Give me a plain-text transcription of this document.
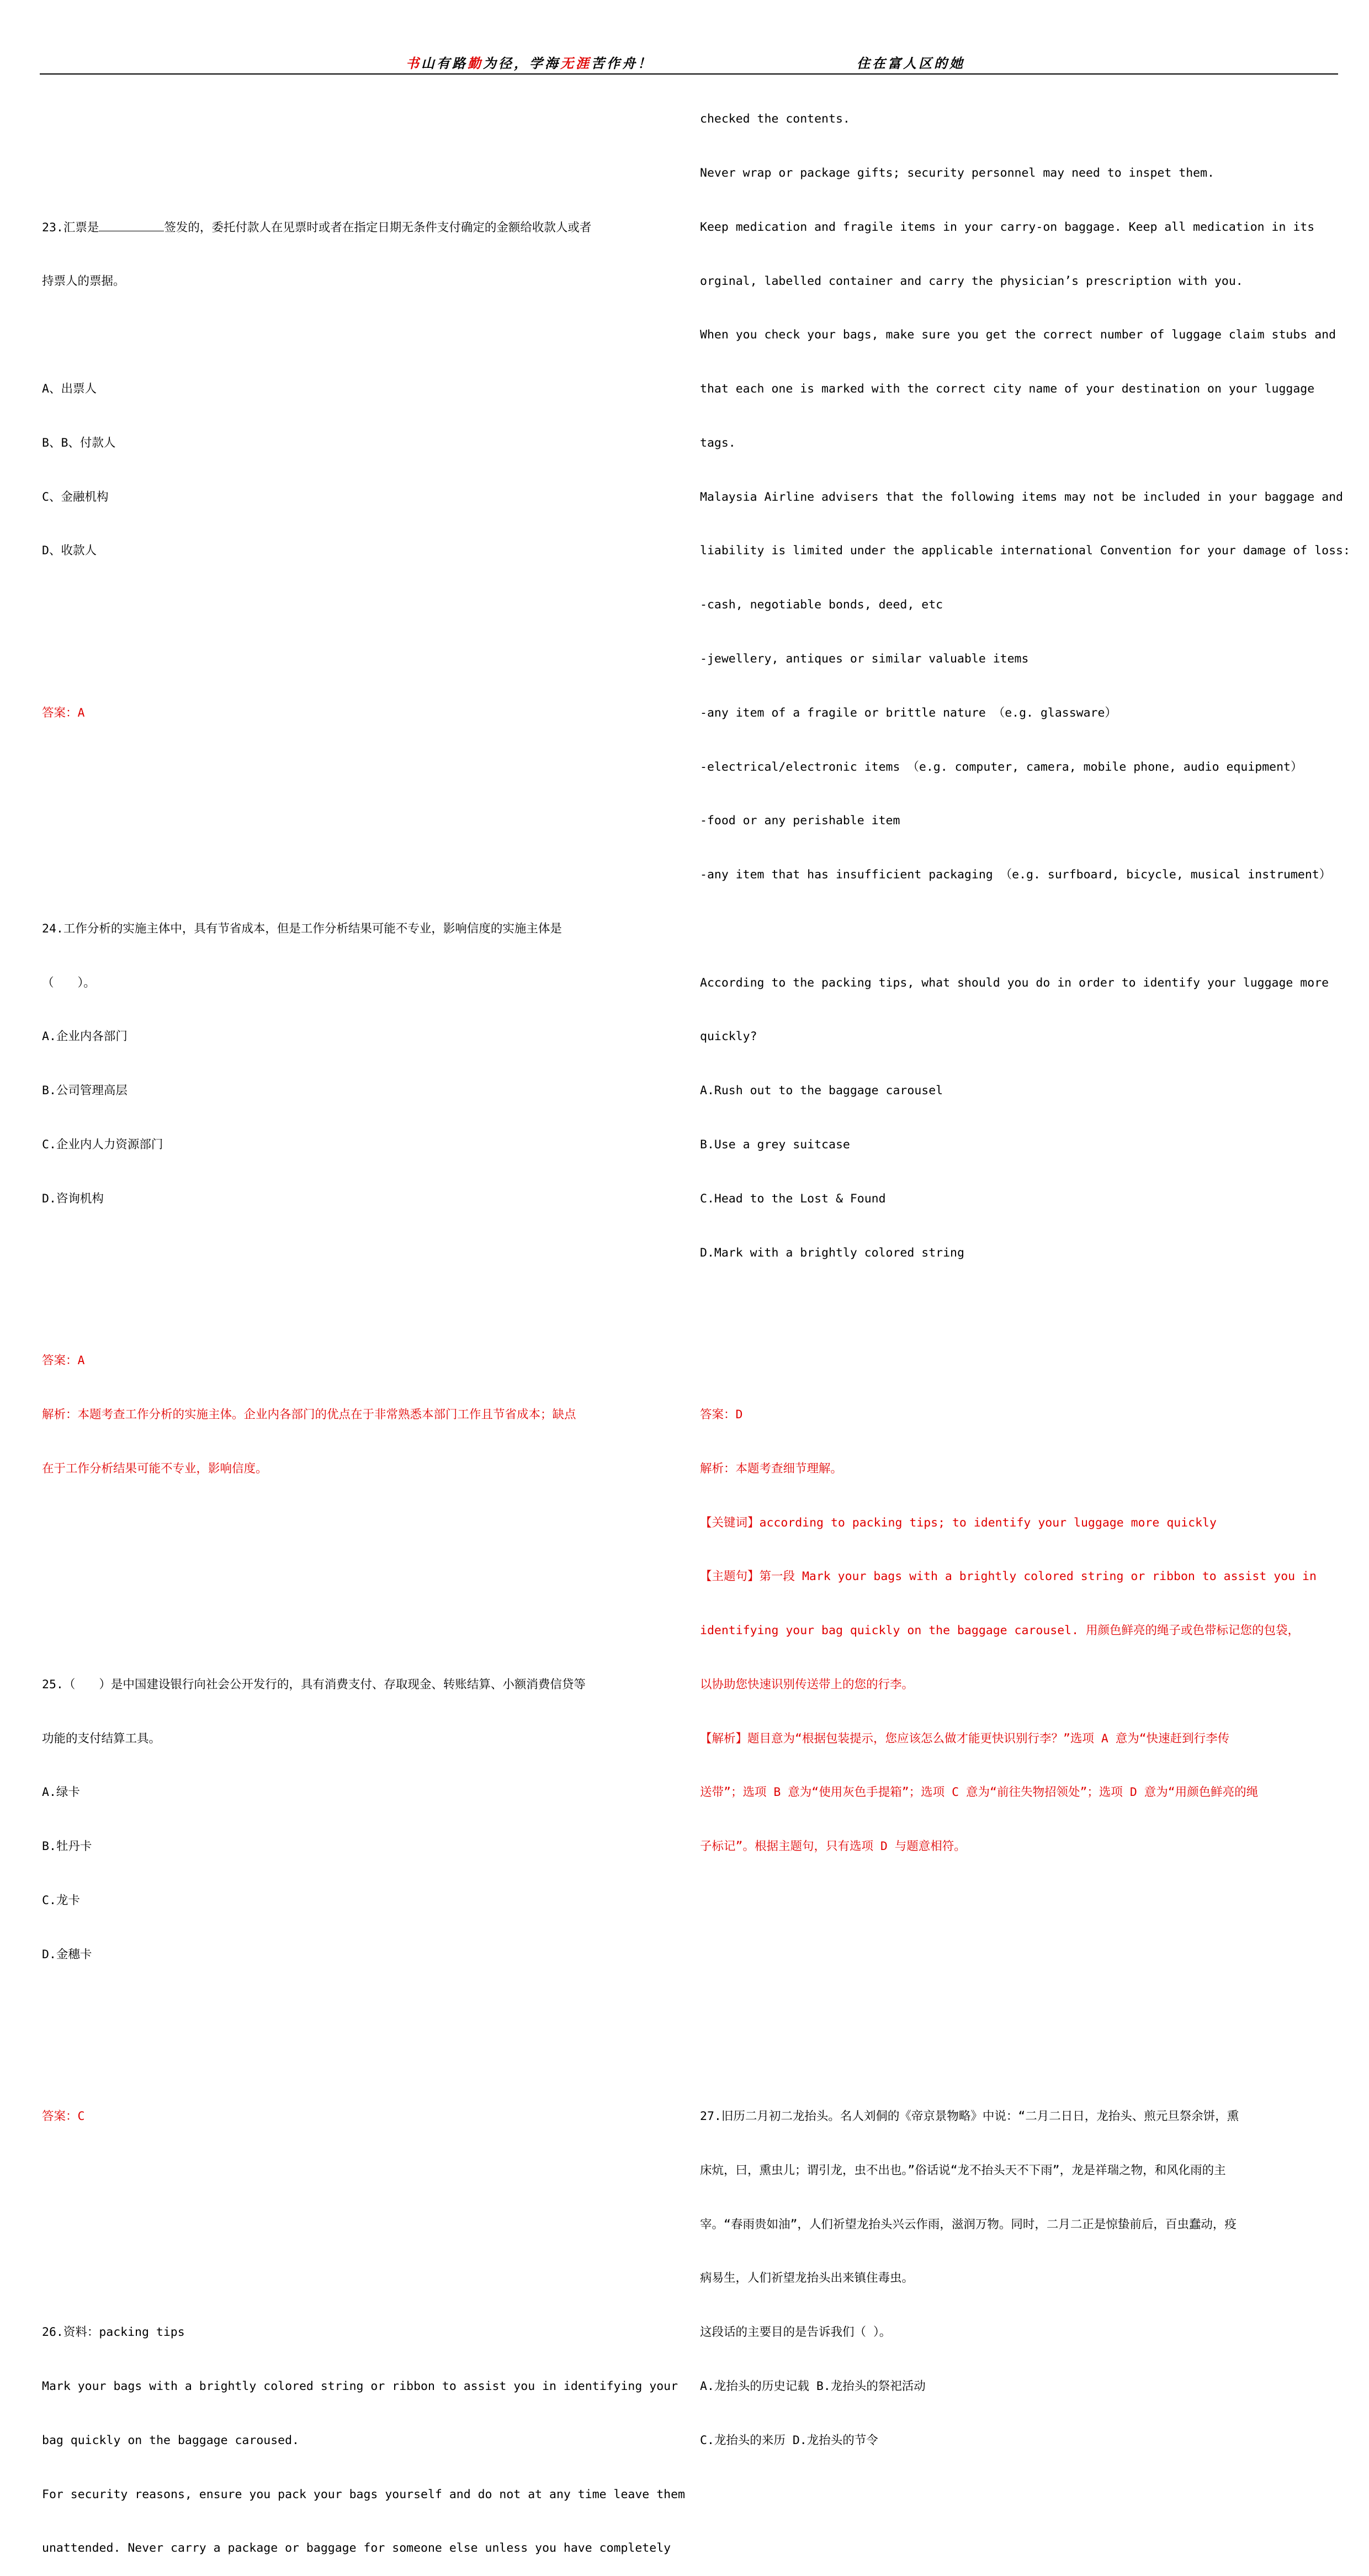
书山有路勤为径，学海无涯苦作舟！	住在富人区的她

23.汇票是	签发的，委托付款人在见票时或者在指定日期无条件支付确定的金额给收款人或者

持票人的票据。

A、出票人

B、B、付款人

C、金融机构

D、收款人

答案：A

24.工作分析的实施主体中，具有节省成本，但是工作分析结果可能不专业，影响信度的实施主体是

（　　）。

A.企业内各部门

B.公司管理高层

C.企业内人力资源部门

D.咨询机构

答案：A

解析：本题考查工作分析的实施主体。企业内各部门的优点在于非常熟悉本部门工作且节省成本；缺点

在于工作分析结果可能不专业，影响信度。

25.（　　）是中国建设银行向社会公开发行的，具有消费支付、存取现金、转账结算、小额消费信贷等

功能的支付结算工具。

A.绿卡

B.牡丹卡

C.龙卡

D.金穗卡

答案：C

26.资料：packing tips

Mark your bags with a brightly colored string or ribbon to assist you in identifying your

bag quickly on the baggage caroused.

For security reasons, ensure you pack your bags yourself and do not at any time leave them

unattended. Never carry a package or baggage for someone else unless you have completely

checked the contents.

Never wrap or package gifts; security personnel may need to inspet them.

Keep medication and fragile items in your carry-on baggage. Keep all medication in its

orginal, labelled container and carry the physician’s prescription with you.

When you check your bags, make sure you get the correct number of luggage claim stubs and

that each one is marked with the correct city name of your destination on your luggage

tags.

Malaysia Airline advisers that the following items may not be included in your baggage and

liability is limited under the applicable international Convention for your damage of loss:

-cash, negotiable bonds, deed, etc

-jewellery, antiques or similar valuable items

-any item of a fragile or brittle nature （e.g. glassware）

-electrical/electronic items （e.g. computer, camera, mobile phone, audio equipment）

-food or any perishable item

-any item that has insufficient packaging （e.g. surfboard, bicycle, musical instrument）

According to the packing tips, what should you do in order to identify your luggage more

quickly?

A.Rush out to the baggage carousel

B.Use a grey suitcase

C.Head to the Lost & Found

D.Mark with a brightly colored string

答案：D

解析：本题考查细节理解。

【关键词】according to packing tips; to identify your luggage more quickly

【主题句】第一段 Mark your bags with a brightly colored string or ribbon to assist you in

identifying your bag quickly on the baggage carousel. 用颜色鲜亮的绳子或色带标记您的包袋，

以协助您快速识别传送带上的您的行李。

【解析】题目意为“根据包装提示，您应该怎么做才能更快识别行李？”选项 A 意为“快速赶到行李传

送带”；选项 B 意为“使用灰色手提箱”；选项 C 意为“前往失物招领处”；选项 D 意为“用颜色鲜亮的绳

子标记”。根据主题句，只有选项 D 与题意相符。

27.旧历二月初二龙抬头。名人刘侗的《帝京景物略》中说：“二月二日日，龙抬头、煎元旦祭余饼，熏

床炕，曰，熏虫儿；谓引龙，虫不出也。”俗话说“龙不抬头天不下雨”，龙是祥瑞之物，和风化雨的主

宰。“春雨贵如油”，人们祈望龙抬头兴云作雨，滋润万物。同时，二月二正是惊蛰前后，百虫蠢动，疫

病易生，人们祈望龙抬头出来镇住毒虫。

这段话的主要目的是告诉我们（ ）。

A.龙抬头的历史记载 B.龙抬头的祭祀活动

C.龙抬头的来历 D.龙抬头的节令
